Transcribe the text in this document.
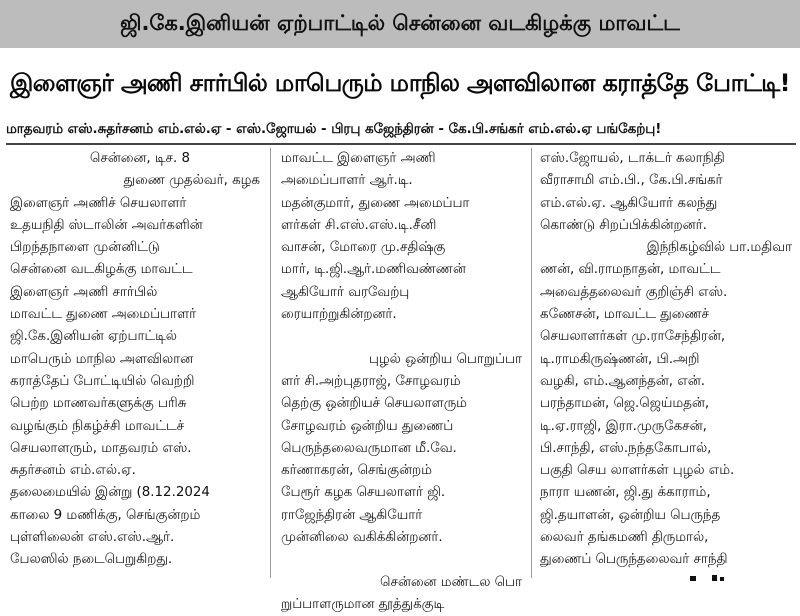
ஜி.கே.இனியன் ஏற்பாட்டில் சென்னை வடகிழக்கு மாவட்ட
இளைஞர் அணி சார்பில் மாபெரும் மாநில அளவிலான கராத்தே போட்டி!
மாதவரம் எஸ்.சுதர்சனம் எம்.எல்.ஏ - எஸ்.ஜோயல் - பிரபு கஜேந்திரன் - கே.பி.சங்கர் எம்.எல்.ஏ பங்கேற்பு!
சென்னை, டிச. 8
துணை முதல்வர், கழக
இளைஞர் அணிச் செயலாளர்
உதயநிதி ஸ்டாலின் அவர்களின்
பிறந்தநாளை முன்னிட்டு
சென்னை வடகிழக்கு மாவட்ட
இளைஞர் அணி சார்பில்
மாவட்ட துணை அமைப்பாளர்
ஜி.கே.இனியன் ஏற்பாட்டில்
மாபெரும் மாநில அளவிலான
கராத்தேப் போட்டியில் வெற்றி
பெற்ற மாணவர்களுக்கு பரிசு
வழங்கும் நிகழ்ச்சி மாவட்டச்
செயலாளரும், மாதவரம் எஸ்.
சுதர்சனம் எம்.எல்.ஏ.
தலைமையில் இன்று (8.12.2024
காலை 9 மணிக்கு, செங்குன்றம்
புள்ளிலைன் எஸ்.எஸ்.ஆர்.
பேலஸில் நடைபெறுகிறது.
மாவட்ட இளைஞர் அணி
அமைப்பாளர் ஆர்.டி.
மதன்குமார், துணை அமைப்பா
ளர்கள் சி.எஸ்.எஸ்.டி.சீனி
வாசன், மோரை மு.சதிஷ்கு
மார், டி.ஜி.ஆர்.மணிவண்ணன்
ஆகியோர் வரவேற்பு
ரையாற்றுகின்றனர்.
புழல் ஒன்றிய பொறுப்பா
ளர் சி.அற்புதராஜ், சோழவரம்
தெற்கு ஒன்றியச் செயலாளரும்
சோழவரம் ஒன்றிய துணைப்
பெருந்தலைவருமான மீ.வே.
கர்ணாகரன், செங்குன்றம்
பேரூர் கழக செயலாளர் ஜி.
ராஜேந்திரன் ஆகியோர்
முன்னிலை வகிக்கின்றனர்.
சென்னை மண்டல பொ
றுப்பாளருமான தூத்துக்குடி
எஸ்.ஜோயல், டாக்டர் கலாநிதி
வீராசாமி எம்.பி., கே.பி.சங்கர்
எம்.எல்.ஏ. ஆகியோர் கலந்து
கொண்டு சிறப்பிக்கின்றனர்.
இந்நிகழ்வில் பா.மதிவா
ணன், வி.ராமநாதன், மாவட்ட
அவைத்தலைவர் குறிஞ்சி எஸ்.
கணேசன், மாவட்ட துணைச்
செயலாளர்கள் மு.ராசேந்திரன்,
டி.ராமகிருஷ்ணன், பி.அறி
வழகி, எம்.ஆனந்தன், என்.
பரந்தாமன், ஜெ.ஜெய்மதன்,
டி.ஏ.ராஜி, இரா.முருகேசன்,
பி.சாந்தி, எஸ்.நந்தகோபால்,
பகுதி செய லாளர்கள் புழல் எம்.
நாரா யணன், ஜி.து க்காராம்,
ஜி.தயாளன், ஒன்றிய பெருந்த
லைவர் தங்கமணி திருமால்,
துணைப் பெருந்தலைவர் சாந்தி
